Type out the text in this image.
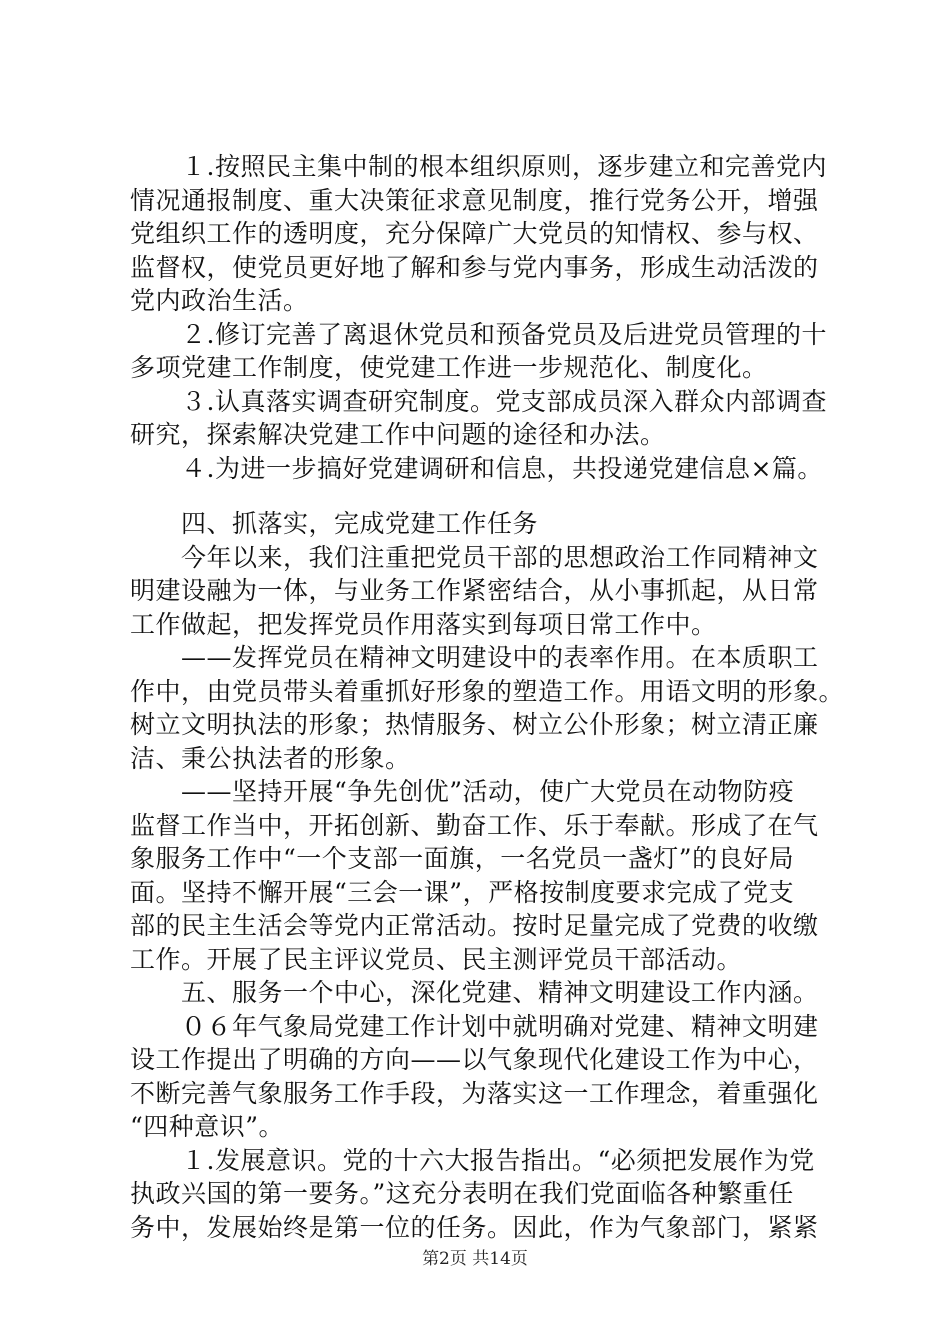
　　１.按照民主集中制的根本组织原则，逐步建立和完善党内
情况通报制度、重大决策征求意见制度，推行党务公开，增强
党组织工作的透明度，充分保障广大党员的知情权、参与权、
监督权，使党员更好地了解和参与党内事务，形成生动活泼的
党内政治生活。
　　２.修订完善了离退休党员和预备党员及后进党员管理的十
多项党建工作制度，使党建工作进一步规范化、制度化。
　　３.认真落实调查研究制度。党支部成员深入群众内部调查
研究，探索解决党建工作中问题的途径和办法。
　　４.为进一步搞好党建调研和信息，共投递党建信息×篇。
　　四、抓落实，完成党建工作任务
　　今年以来，我们注重把党员干部的思想政治工作同精神文
明建设融为一体，与业务工作紧密结合，从小事抓起，从日常
工作做起，把发挥党员作用落实到每项日常工作中。
　　——发挥党员在精神文明建设中的表率作用。在本质职工
作中，由党员带头着重抓好形象的塑造工作。用语文明的形象。
树立文明执法的形象；热情服务、树立公仆形象；树立清正廉
洁、秉公执法者的形象。
　　——坚持开展“争先创优”活动，使广大党员在动物防疫
监督工作当中，开拓创新、勤奋工作、乐于奉献。形成了在气
象服务工作中“一个支部一面旗，一名党员一盏灯”的良好局
面。坚持不懈开展“三会一课”，严格按制度要求完成了党支
部的民主生活会等党内正常活动。按时足量完成了党费的收缴
工作。开展了民主评议党员、民主测评党员干部活动。
　　五、服务一个中心，深化党建、精神文明建设工作内涵。
　　０６年气象局党建工作计划中就明确对党建、精神文明建
设工作提出了明确的方向——以气象现代化建设工作为中心，
不断完善气象服务工作手段，为落实这一工作理念，着重强化
“四种意识”。
　　１.发展意识。党的十六大报告指出。“必须把发展作为党
执政兴国的第一要务。”这充分表明在我们党面临各种繁重任
务中，发展始终是第一位的任务。因此，作为气象部门，紧紧
第2页 共14页
